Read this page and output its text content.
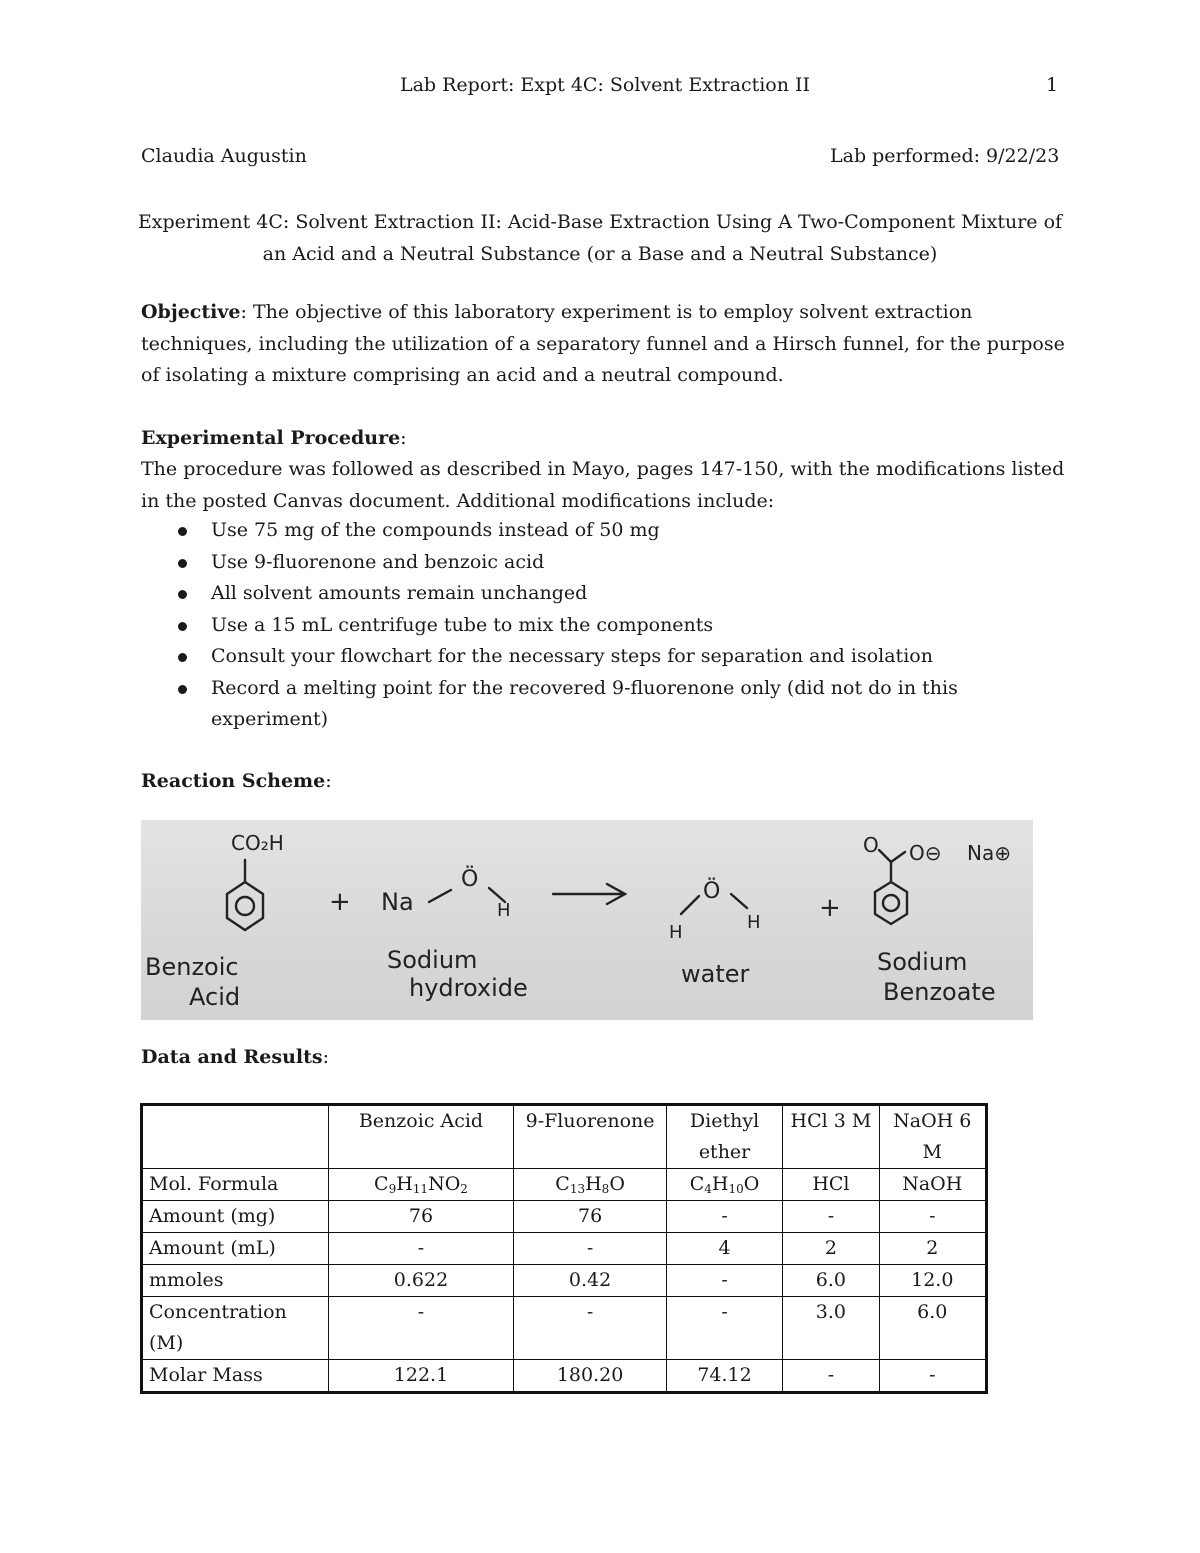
Lab Report: Expt 4C: Solvent Extraction II	1
Claudia Augustin	Lab performed: 9/22/23
Experiment 4C: Solvent Extraction II: Acid-Base Extraction Using A Two-Component Mixture of an Acid and a Neutral Substance (or a Base and a Neutral Substance)
Objective: The objective of this laboratory experiment is to employ solvent extraction techniques, including the utilization of a separatory funnel and a Hirsch funnel, for the purpose of isolating a mixture comprising an acid and a neutral compound.
Experimental Procedure:
The procedure was followed as described in Mayo, pages 147-150, with the modifications listed in the posted Canvas document. Additional modifications include:
Use 75 mg of the compounds instead of 50 mg
Use 9-fluorenone and benzoic acid
All solvent amounts remain unchanged
Use a 15 mL centrifuge tube to mix the components
Consult your flowchart for the necessary steps for separation and isolation
Record a melting point for the recovered 9-fluorenone only (did not do in this experiment)
Reaction Scheme:
CO₂H
Benzoic
Acid
+ Na
Ö
H
Sodium
hydroxide
Ö
H	H
water
+
O O⊖ Na⊕
Sodium
Benzoate
Data and Results:
	Benzoic Acid	9-Fluorenone	Diethyl ether	HCl 3 M	NaOH 6 M
Mol. Formula	$C_9H_{11}NO_2$	$C_{13}H_8O$	$C_4H_{10}O$	HCl	NaOH
Amount (mg)	76	76	-	-	-
Amount (mL)	-	-	4	2	2
mmoles	0.622	0.42	-	6.0	12.0
Concentration (M)	-	-	-	3.0	6.0
Molar Mass	122.1	180.20	74.12	-	-
